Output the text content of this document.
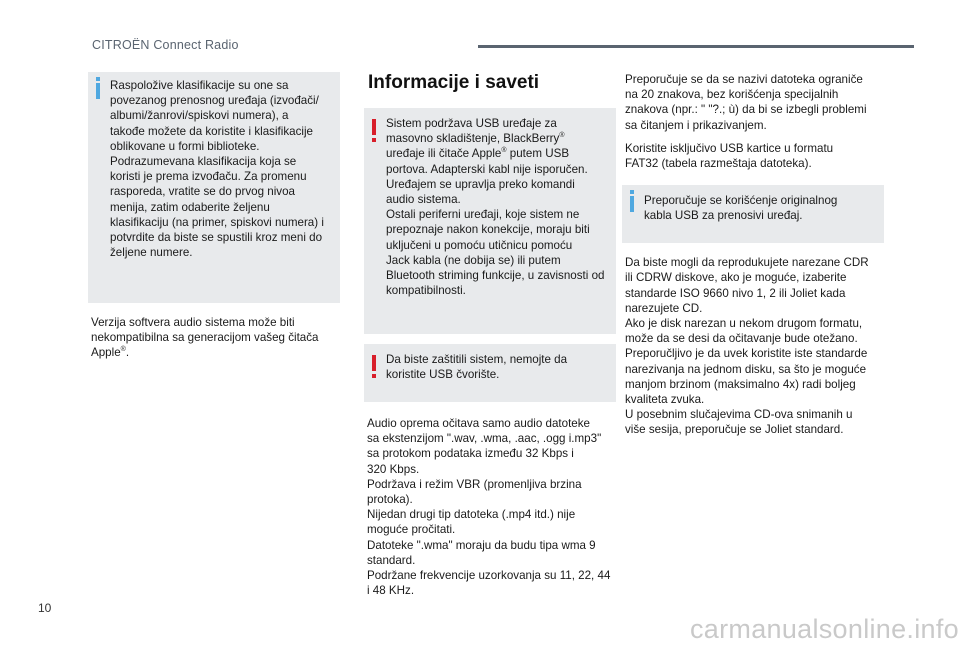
CITROËN Connect Radio

Raspoložive klasifikacije su one sa
povezanog prenosnog uređaja (izvođači/
albumi/žanrovi/spiskovi numera), a
takođe možete da koristite i klasifikacije
oblikovane u formi biblioteke.
Podrazumevana klasifikacija koja se
koristi je prema izvođaču. Za promenu
rasporeda, vratite se do prvog nivoa
menija, zatim odaberite željenu
klasifikaciju (na primer, spiskovi numera) i
potvrdite da biste se spustili kroz meni do
željene numere.

Verzija softvera audio sistema može biti
nekompatibilna sa generacijom vašeg čitača
Apple®.

Informacije i saveti

Sistem podržava USB uređaje za
masovno skladištenje, BlackBerry®
uređaje ili čitače Apple® putem USB
portova. Adapterski kabl nije isporučen.
Uređajem se upravlja preko komandi
audio sistema.
Ostali periferni uređaji, koje sistem ne
prepoznaje nakon konekcije, moraju biti
uključeni u pomoću utičnicu pomoću
Jack kabla (ne dobija se) ili putem
Bluetooth striming funkcije, u zavisnosti od
kompatibilnosti.

Da biste zaštitili sistem, nemojte da
koristite USB čvorište.

Audio oprema očitava samo audio datoteke
sa ekstenzijom ".wav, .wma, .aac, .ogg i.mp3"
sa protokom podataka između 32 Kbps i
320 Kbps.
Podržava i režim VBR (promenljiva brzina
protoka).
Nijedan drugi tip datoteka (.mp4 itd.) nije
moguće pročitati.
Datoteke ".wma" moraju da budu tipa wma 9
standard.
Podržane frekvencije uzorkovanja su 11, 22, 44
i 48 KHz.

Preporučuje se da se nazivi datoteka ograniče
na 20 znakova, bez korišćenja specijalnih
znakova (npr.: " "?.; ù) da bi se izbegli problemi
sa čitanjem i prikazivanjem.

Koristite isključivo USB kartice u formatu
FAT32 (tabela razmeštaja datoteka).

Preporučuje se korišćenje originalnog
kabla USB za prenosivi uređaj.

Da biste mogli da reprodukujete narezane CDR
ili CDRW diskove, ako je moguće, izaberite
standarde ISO 9660 nivo 1, 2 ili Joliet kada
narezujete CD.
Ako je disk narezan u nekom drugom formatu,
može da se desi da očitavanje bude otežano.
Preporučljivo je da uvek koristite iste standarde
narezivanja na jednom disku, sa što je moguće
manjom brzinom (maksimalno 4x) radi boljeg
kvaliteta zvuka.
U posebnim slučajevima CD-ova snimanih u
više sesija, preporučuje se Joliet standard.

10
carmanualsonline.info
